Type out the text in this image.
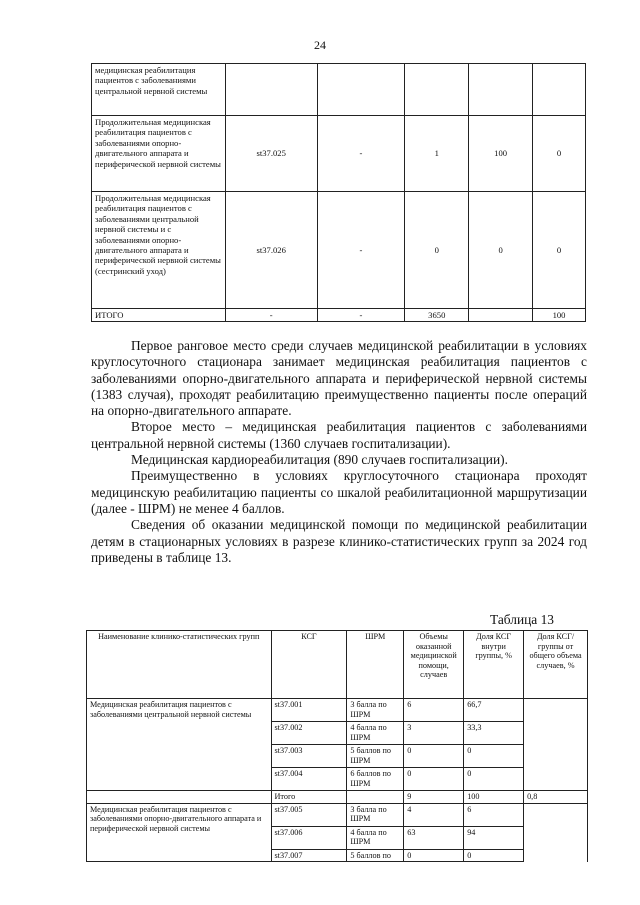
24
медицинская реабилитация пациентов с заболеваниями центральной нервной системы					
Продолжительная медицинская реабилитация пациентов с заболеваниями опорно-двигательного аппарата и периферической нервной системы	st37.025	-	1	100	0
Продолжительная медицинская реабилитация пациентов с заболеваниями центральной нервной системы и с заболеваниями опорно-двигательного аппарата и периферической нервной системы (сестринский уход)	st37.026	-	0	0	0
ИТОГО	-	-	3650		100

Первое ранговое место среди случаев медицинской реабилитации в условиях круглосуточного стационара занимает медицинская реабилитация пациентов с заболеваниями опорно-двигательного аппарата и периферической нервной системы (1383 случая), проходят реабилитацию преимущественно пациенты после операций на опорно-двигательного аппарате.

Второе место – медицинская реабилитация пациентов с заболеваниями центральной нервной системы (1360 случаев госпитализации).

Медицинская кардиореабилитация (890 случаев госпитализации).

Преимущественно в условиях круглосуточного стационара проходят медицинскую реабилитацию пациенты со шкалой реабилитационной маршрутизации (далее - ШРМ) не менее 4 баллов.

Сведения об оказании медицинской помощи по медицинской реабилитации детям в стационарных условиях в разрезе клинико-статистических групп за 2024 год приведены в таблице 13.

Таблица 13
Наименование клинико-статистических групп	КСГ	ШРМ	Объемы оказанной медицинской помощи, случаев	Доля КСГ внутри группы, %	Доля КСГ/группы от общего объема случаев, %
Медицинская реабилитация пациентов с заболеваниями центральной нервной системы	st37.001	3 балла по ШРМ	6	66,7	
	st37.002	4 балла по ШРМ	3	33,3	
	st37.003	5 баллов по ШРМ	0	0	
	st37.004	6 баллов по ШРМ	0	0	
	Итого		9	100	0,8
Медицинская реабилитация пациентов с заболеваниями опорно-двигательного аппарата и периферической нервной системы	st37.005	3 балла по ШРМ	4	6	
	st37.006	4 балла по ШРМ	63	94	
	st37.007	5 баллов по	0	0	
